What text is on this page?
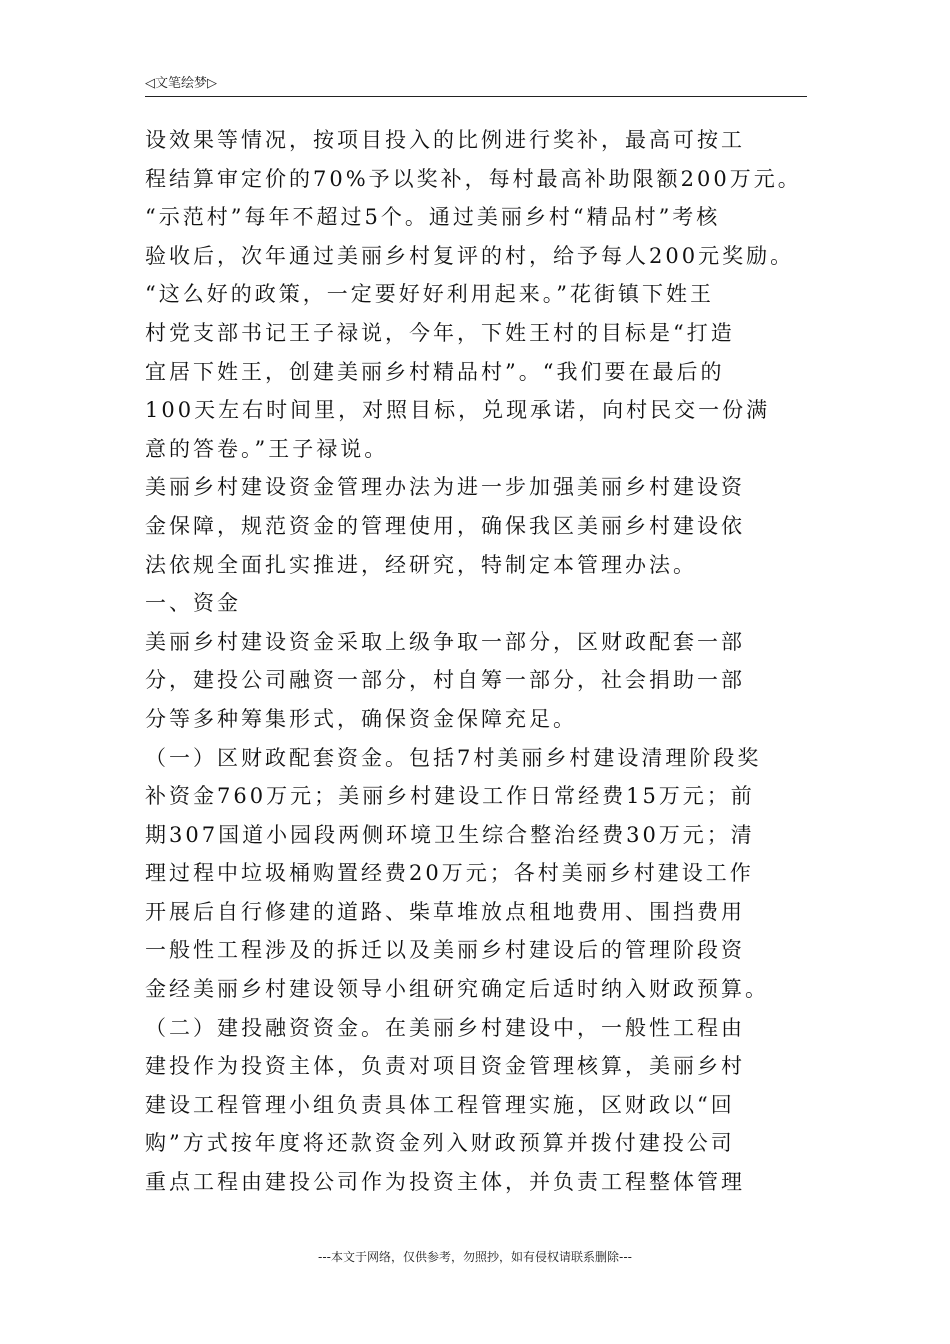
◁文笔绘梦▷
设效果等情况，按项目投入的比例进行奖补，最高可按工
程结算审定价的70%予以奖补，每村最高补助限额200万元。
“示范村”每年不超过5个。通过美丽乡村“精品村”考核
验收后，次年通过美丽乡村复评的村，给予每人200元奖励。
“这么好的政策，一定要好好利用起来。”花街镇下姓王
村党支部书记王子禄说，今年，下姓王村的目标是“打造
宜居下姓王，创建美丽乡村精品村”。“我们要在最后的
100天左右时间里，对照目标，兑现承诺，向村民交一份满
意的答卷。”王子禄说。
美丽乡村建设资金管理办法为进一步加强美丽乡村建设资
金保障，规范资金的管理使用，确保我区美丽乡村建设依
法依规全面扎实推进，经研究，特制定本管理办法。
一、资金
美丽乡村建设资金采取上级争取一部分，区财政配套一部
分，建投公司融资一部分，村自筹一部分，社会捐助一部
分等多种筹集形式，确保资金保障充足。
（一）区财政配套资金。包括7村美丽乡村建设清理阶段奖
补资金760万元；美丽乡村建设工作日常经费15万元；前
期307国道小园段两侧环境卫生综合整治经费30万元；清
理过程中垃圾桶购置经费20万元；各村美丽乡村建设工作
开展后自行修建的道路、柴草堆放点租地费用、围挡费用
一般性工程涉及的拆迁以及美丽乡村建设后的管理阶段资
金经美丽乡村建设领导小组研究确定后适时纳入财政预算。
（二）建投融资资金。在美丽乡村建设中，一般性工程由
建投作为投资主体，负责对项目资金管理核算，美丽乡村
建设工程管理小组负责具体工程管理实施，区财政以“回
购”方式按年度将还款资金列入财政预算并拨付建投公司
重点工程由建投公司作为投资主体，并负责工程整体管理
---本文于网络，仅供参考，勿照抄，如有侵权请联系删除---
